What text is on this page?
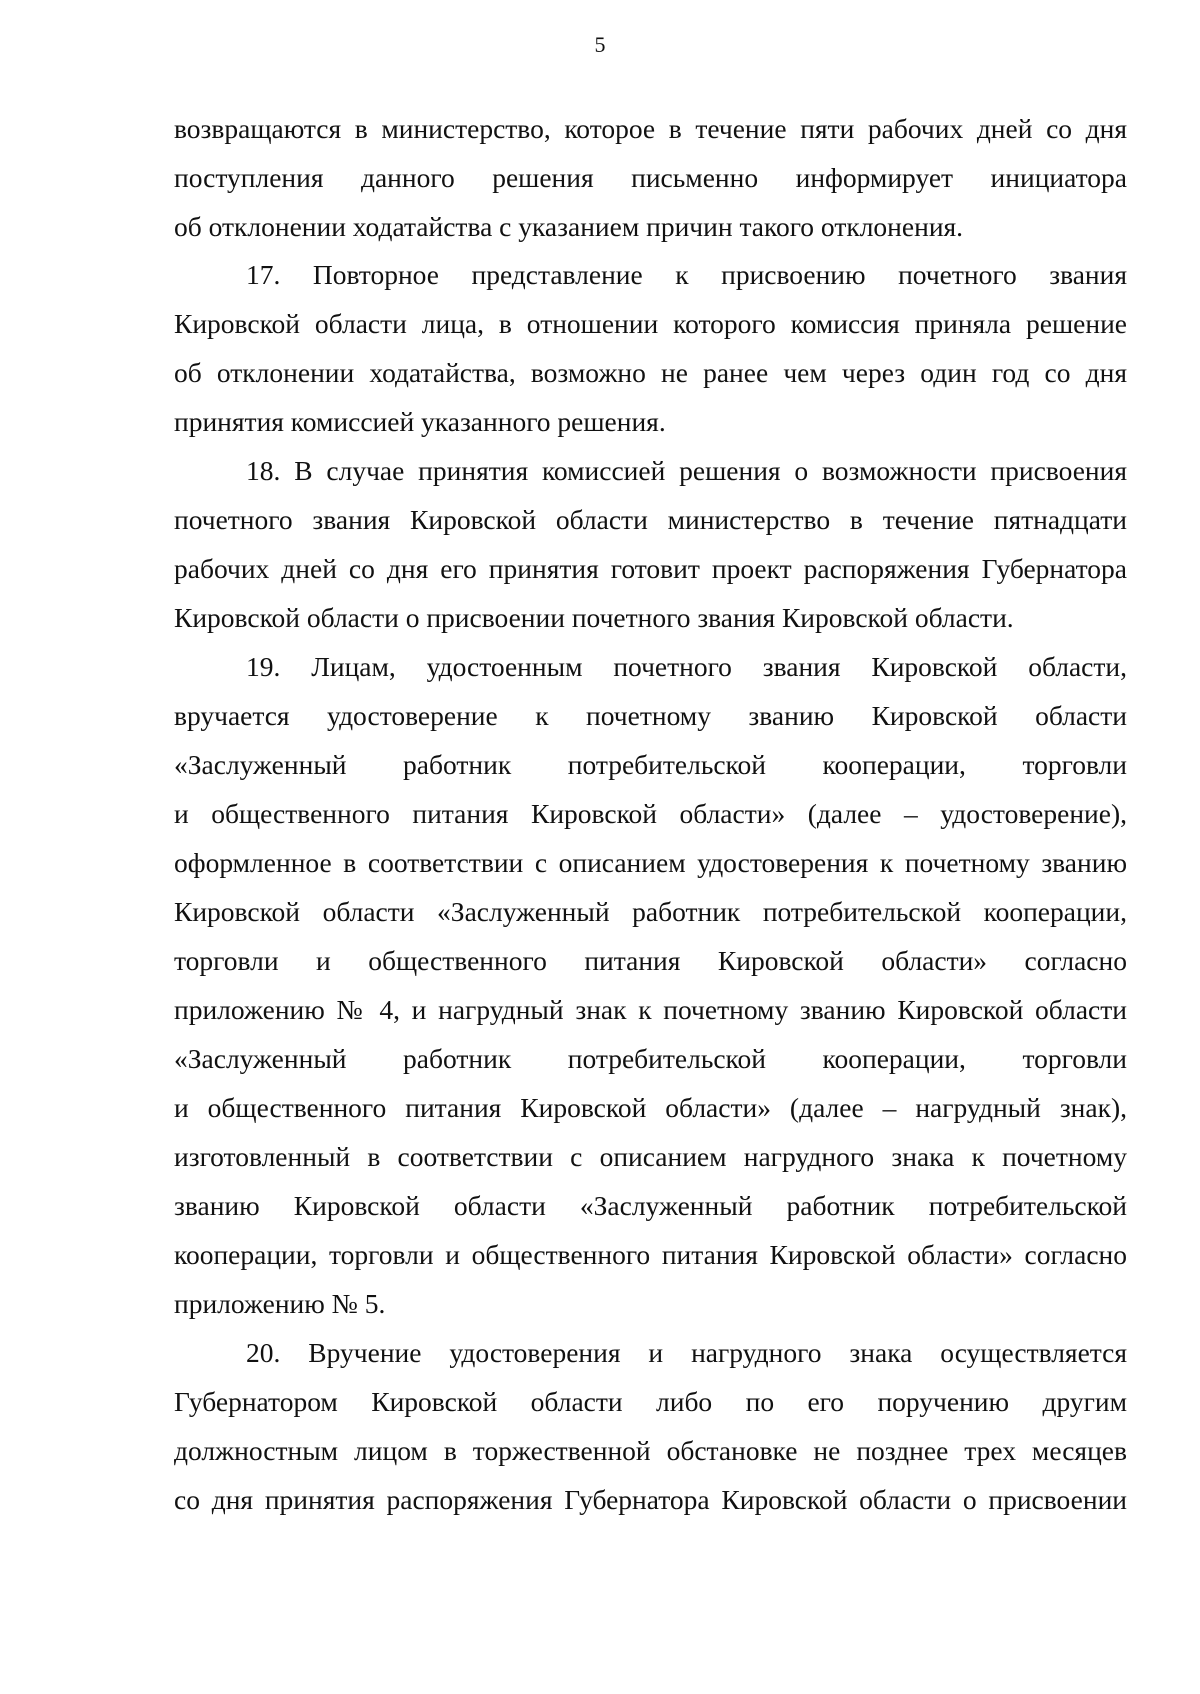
5
возвращаются в министерство, которое в течение пяти рабочих дней со дня
поступления данного решения письменно информирует инициатора
об отклонении ходатайства с указанием причин такого отклонения.
17. Повторное представление к присвоению почетного звания
Кировской области лица, в отношении которого комиссия приняла решение
об отклонении ходатайства, возможно не ранее чем через один год со дня
принятия комиссией указанного решения.
18. В случае принятия комиссией решения о возможности присвоения
почетного звания Кировской области министерство в течение пятнадцати
рабочих дней со дня его принятия готовит проект распоряжения Губернатора
Кировской области о присвоении почетного звания Кировской области.
19. Лицам, удостоенным почетного звания Кировской области,
вручается удостоверение к почетному званию Кировской области
«Заслуженный работник потребительской кооперации, торговли
и общественного питания Кировской области» (далее – удостоверение),
оформленное в соответствии с описанием удостоверения к почетному званию
Кировской области «Заслуженный работник потребительской кооперации,
торговли и общественного питания Кировской области» согласно
приложению № 4, и нагрудный знак к почетному званию Кировской области
«Заслуженный работник потребительской кооперации, торговли
и общественного питания Кировской области» (далее – нагрудный знак),
изготовленный в соответствии с описанием нагрудного знака к почетному
званию Кировской области «Заслуженный работник потребительской
кооперации, торговли и общественного питания Кировской области» согласно
приложению № 5.
20. Вручение удостоверения и нагрудного знака осуществляется
Губернатором Кировской области либо по его поручению другим
должностным лицом в торжественной обстановке не позднее трех месяцев
со дня принятия распоряжения Губернатора Кировской области о присвоении
